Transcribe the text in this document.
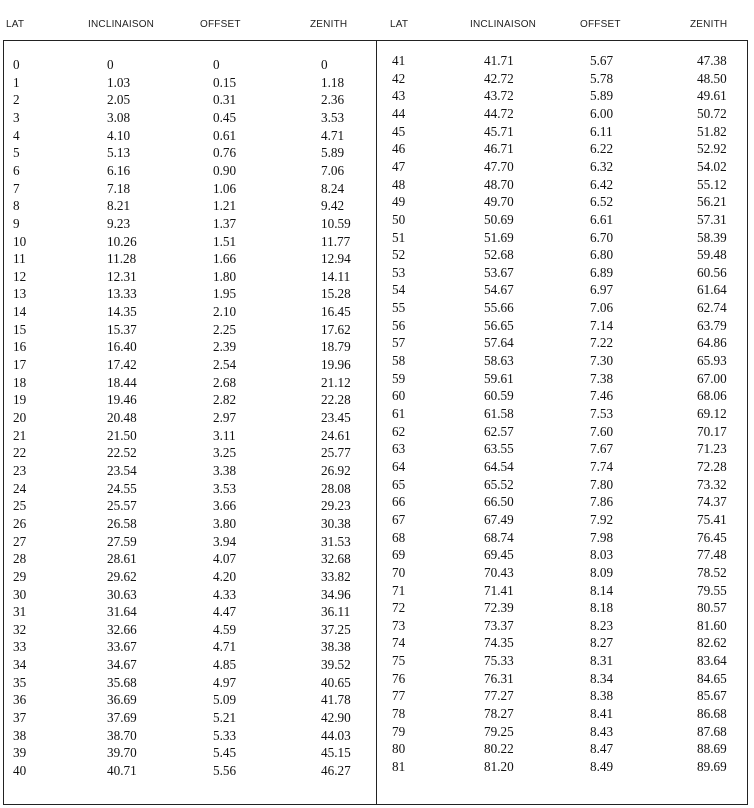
LAT	INCLINAISON	OFFSET	ZENITH	LAT	INCLINAISON	OFFSET	ZENITH
0	0	0	0
1	1.03	0.15	1.18
2	2.05	0.31	2.36
3	3.08	0.45	3.53
4	4.10	0.61	4.71
5	5.13	0.76	5.89
6	6.16	0.90	7.06
7	7.18	1.06	8.24
8	8.21	1.21	9.42
9	9.23	1.37	10.59
10	10.26	1.51	11.77
11	11.28	1.66	12.94
12	12.31	1.80	14.11
13	13.33	1.95	15.28
14	14.35	2.10	16.45
15	15.37	2.25	17.62
16	16.40	2.39	18.79
17	17.42	2.54	19.96
18	18.44	2.68	21.12
19	19.46	2.82	22.28
20	20.48	2.97	23.45
21	21.50	3.11	24.61
22	22.52	3.25	25.77
23	23.54	3.38	26.92
24	24.55	3.53	28.08
25	25.57	3.66	29.23
26	26.58	3.80	30.38
27	27.59	3.94	31.53
28	28.61	4.07	32.68
29	29.62	4.20	33.82
30	30.63	4.33	34.96
31	31.64	4.47	36.11
32	32.66	4.59	37.25
33	33.67	4.71	38.38
34	34.67	4.85	39.52
35	35.68	4.97	40.65
36	36.69	5.09	41.78
37	37.69	5.21	42.90
38	38.70	5.33	44.03
39	39.70	5.45	45.15
40	40.71	5.56	46.27
41	41.71	5.67	47.38
42	42.72	5.78	48.50
43	43.72	5.89	49.61
44	44.72	6.00	50.72
45	45.71	6.11	51.82
46	46.71	6.22	52.92
47	47.70	6.32	54.02
48	48.70	6.42	55.12
49	49.70	6.52	56.21
50	50.69	6.61	57.31
51	51.69	6.70	58.39
52	52.68	6.80	59.48
53	53.67	6.89	60.56
54	54.67	6.97	61.64
55	55.66	7.06	62.74
56	56.65	7.14	63.79
57	57.64	7.22	64.86
58	58.63	7.30	65.93
59	59.61	7.38	67.00
60	60.59	7.46	68.06
61	61.58	7.53	69.12
62	62.57	7.60	70.17
63	63.55	7.67	71.23
64	64.54	7.74	72.28
65	65.52	7.80	73.32
66	66.50	7.86	74.37
67	67.49	7.92	75.41
68	68.74	7.98	76.45
69	69.45	8.03	77.48
70	70.43	8.09	78.52
71	71.41	8.14	79.55
72	72.39	8.18	80.57
73	73.37	8.23	81.60
74	74.35	8.27	82.62
75	75.33	8.31	83.64
76	76.31	8.34	84.65
77	77.27	8.38	85.67
78	78.27	8.41	86.68
79	79.25	8.43	87.68
80	80.22	8.47	88.69
81	81.20	8.49	89.69
